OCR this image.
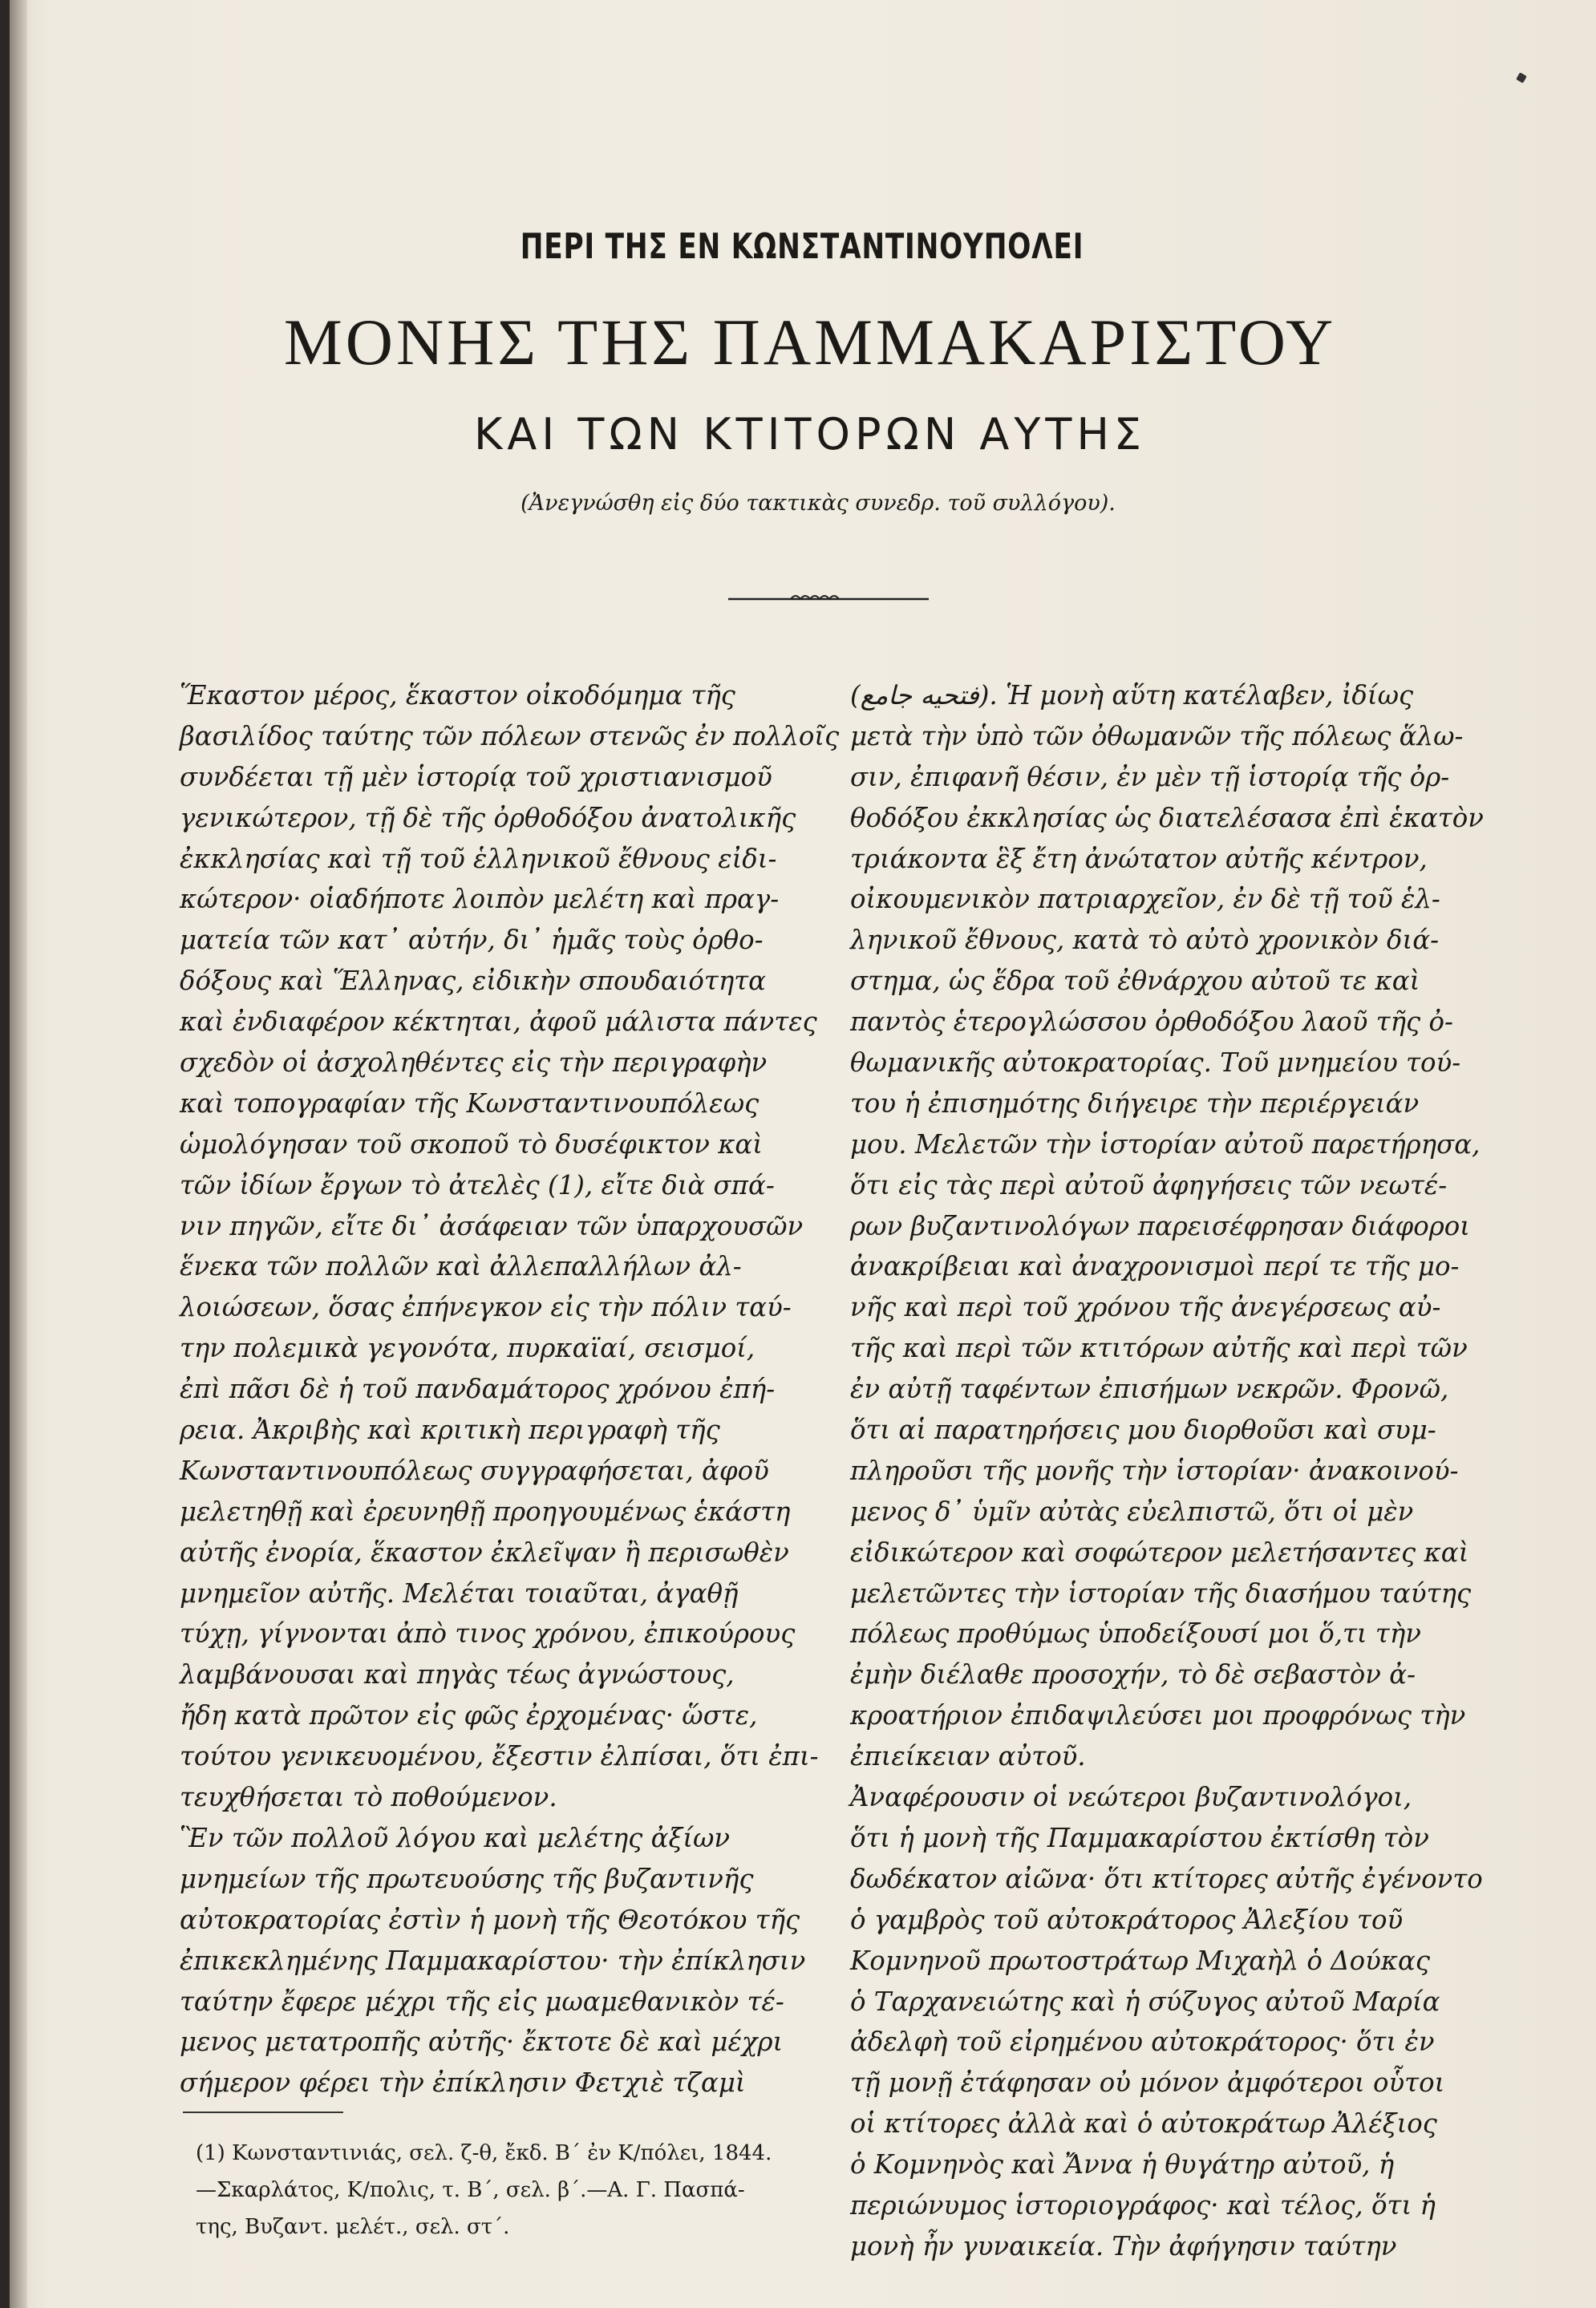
ΠΕΡΙ ΤΗΣ ΕΝ ΚΩΝΣΤΑΝΤΙΝΟΥΠΟΛΕΙ
ΜΟΝΗΣ ΤΗΣ ΠΑΜΜΑΚΑΡΙΣΤΟΥ
ΚΑΙ ΤΩΝ ΚΤΙΤΟΡΩΝ ΑΥΤΗΣ
(Ἀνεγνώσθη εἰς δύο τακτικὰς συνεδρ. τοῦ συλλόγου).
Ἕκαστον μέρος, ἕκαστον οἰκοδόμημα τῆς
βασιλίδος ταύτης τῶν πόλεων στενῶς ἐν πολλοῖς
συνδέεται τῇ μὲν ἱστορίᾳ τοῦ χριστιανισμοῦ
γενικώτερον, τῇ δὲ τῆς ὀρθοδόξου ἀνατολικῆς
ἐκκλησίας καὶ τῇ τοῦ ἑλληνικοῦ ἔθνους εἰδι-
κώτερον· οἱαδήποτε λοιπὸν μελέτη καὶ πραγ-
ματεία τῶν κατ᾽ αὐτήν, δι᾽ ἡμᾶς τοὺς ὀρθο-
δόξους καὶ Ἕλληνας, εἰδικὴν σπουδαιότητα
καὶ ἐνδιαφέρον κέκτηται, ἀφοῦ μάλιστα πάντες
σχεδὸν οἱ ἀσχοληθέντες εἰς τὴν περιγραφὴν
καὶ τοπογραφίαν τῆς Κωνσταντινουπόλεως
ὡμολόγησαν τοῦ σκοποῦ τὸ δυσέφικτον καὶ
τῶν ἰδίων ἔργων τὸ ἀτελὲς (1), εἴτε διὰ σπά-
νιν πηγῶν, εἴτε δι᾽ ἀσάφειαν τῶν ὑπαρχουσῶν
ἕνεκα τῶν πολλῶν καὶ ἀλλεπαλλήλων ἀλ-
λοιώσεων, ὅσας ἐπήνεγκον εἰς τὴν πόλιν ταύ-
την πολεμικὰ γεγονότα, πυρκαϊαί, σεισμοί,
ἐπὶ πᾶσι δὲ ἡ τοῦ πανδαμάτορος χρόνου ἐπή-
ρεια. Ἀκριβὴς καὶ κριτικὴ περιγραφὴ τῆς
Κωνσταντινουπόλεως συγγραφήσεται, ἀφοῦ
μελετηθῇ καὶ ἐρευνηθῇ προηγουμένως ἑκάστη
αὐτῆς ἐνορία, ἕκαστον ἐκλεῖψαν ἢ περισωθὲν
μνημεῖον αὐτῆς. Μελέται τοιαῦται, ἀγαθῇ
τύχῃ, γίγνονται ἀπὸ τινος χρόνου, ἐπικούρους
λαμβάνουσαι καὶ πηγὰς τέως ἀγνώστους,
ἤδη κατὰ πρῶτον εἰς φῶς ἐρχομένας· ὥστε,
τούτου γενικευομένου, ἔξεστιν ἐλπίσαι, ὅτι ἐπι-
τευχθήσεται τὸ ποθούμενον.
Ἓν τῶν πολλοῦ λόγου καὶ μελέτης ἀξίων
μνημείων τῆς πρωτευούσης τῆς βυζαντινῆς
αὐτοκρατορίας ἐστὶν ἡ μονὴ τῆς Θεοτόκου τῆς
ἐπικεκλημένης Παμμακαρίστου· τὴν ἐπίκλησιν
ταύτην ἔφερε μέχρι τῆς εἰς μωαμεθανικὸν τέ-
μενος μετατροπῆς αὐτῆς· ἔκτοτε δὲ καὶ μέχρι
σήμερον φέρει τὴν ἐπίκλησιν Φετχιὲ τζαμὶ
(فتحيه جامع). Ἡ μονὴ αὕτη κατέλαβεν, ἰδίως
μετὰ τὴν ὑπὸ τῶν ὀθωμανῶν τῆς πόλεως ἅλω-
σιν, ἐπιφανῆ θέσιν, ἐν μὲν τῇ ἱστορίᾳ τῆς ὀρ-
θοδόξου ἐκκλησίας ὡς διατελέσασα ἐπὶ ἑκατὸν
τριάκοντα ἓξ ἔτη ἀνώτατον αὐτῆς κέντρον,
οἰκουμενικὸν πατριαρχεῖον, ἐν δὲ τῇ τοῦ ἑλ-
ληνικοῦ ἔθνους, κατὰ τὸ αὐτὸ χρονικὸν διά-
στημα, ὡς ἕδρα τοῦ ἐθνάρχου αὐτοῦ τε καὶ
παντὸς ἑτερογλώσσου ὀρθοδόξου λαοῦ τῆς ὀ-
θωμανικῆς αὐτοκρατορίας. Τοῦ μνημείου τού-
του ἡ ἐπισημότης διήγειρε τὴν περιέργειάν
μου. Μελετῶν τὴν ἱστορίαν αὐτοῦ παρετήρησα,
ὅτι εἰς τὰς περὶ αὐτοῦ ἀφηγήσεις τῶν νεωτέ-
ρων βυζαντινολόγων παρεισέφρησαν διάφοροι
ἀνακρίβειαι καὶ ἀναχρονισμοὶ περί τε τῆς μο-
νῆς καὶ περὶ τοῦ χρόνου τῆς ἀνεγέρσεως αὐ-
τῆς καὶ περὶ τῶν κτιτόρων αὐτῆς καὶ περὶ τῶν
ἐν αὐτῇ ταφέντων ἐπισήμων νεκρῶν. Φρονῶ,
ὅτι αἱ παρατηρήσεις μου διορθοῦσι καὶ συμ-
πληροῦσι τῆς μονῆς τὴν ἱστορίαν· ἀνακοινού-
μενος δ᾽ ὑμῖν αὐτὰς εὐελπιστῶ, ὅτι οἱ μὲν
εἰδικώτερον καὶ σοφώτερον μελετήσαντες καὶ
μελετῶντες τὴν ἱστορίαν τῆς διασήμου ταύτης
πόλεως προθύμως ὑποδείξουσί μοι ὅ,τι τὴν
ἐμὴν διέλαθε προσοχήν, τὸ δὲ σεβαστὸν ἀ-
κροατήριον ἐπιδαψιλεύσει μοι προφρόνως τὴν
ἐπιείκειαν αὐτοῦ.
Ἀναφέρουσιν οἱ νεώτεροι βυζαντινολόγοι,
ὅτι ἡ μονὴ τῆς Παμμακαρίστου ἐκτίσθη τὸν
δωδέκατον αἰῶνα· ὅτι κτίτορες αὐτῆς ἐγένοντο
ὁ γαμβρὸς τοῦ αὐτοκράτορος Ἀλεξίου τοῦ
Κομνηνοῦ πρωτοστράτωρ Μιχαὴλ ὁ Δούκας
ὁ Ταρχανειώτης καὶ ἡ σύζυγος αὐτοῦ Μαρία
ἀδελφὴ τοῦ εἰρημένου αὐτοκράτορος· ὅτι ἐν
τῇ μονῇ ἐτάφησαν οὐ μόνον ἀμφότεροι οὗτοι
οἱ κτίτορες ἀλλὰ καὶ ὁ αὐτοκράτωρ Ἀλέξιος
ὁ Κομνηνὸς καὶ Ἄννα ἡ θυγάτηρ αὐτοῦ, ἡ
περιώνυμος ἱστοριογράφος· καὶ τέλος, ὅτι ἡ
μονὴ ἦν γυναικεία. Τὴν ἀφήγησιν ταύτην
(1) Κωνσταντινιάς, σελ. ζ-θ, ἔκδ. Β´ ἐν Κ/πόλει, 1844.
—Σκαρλάτος, Κ/πολις, τ. Β´, σελ. β´.—Α. Γ. Πασπά-
της, Βυζαντ. μελέτ., σελ. στ´.
